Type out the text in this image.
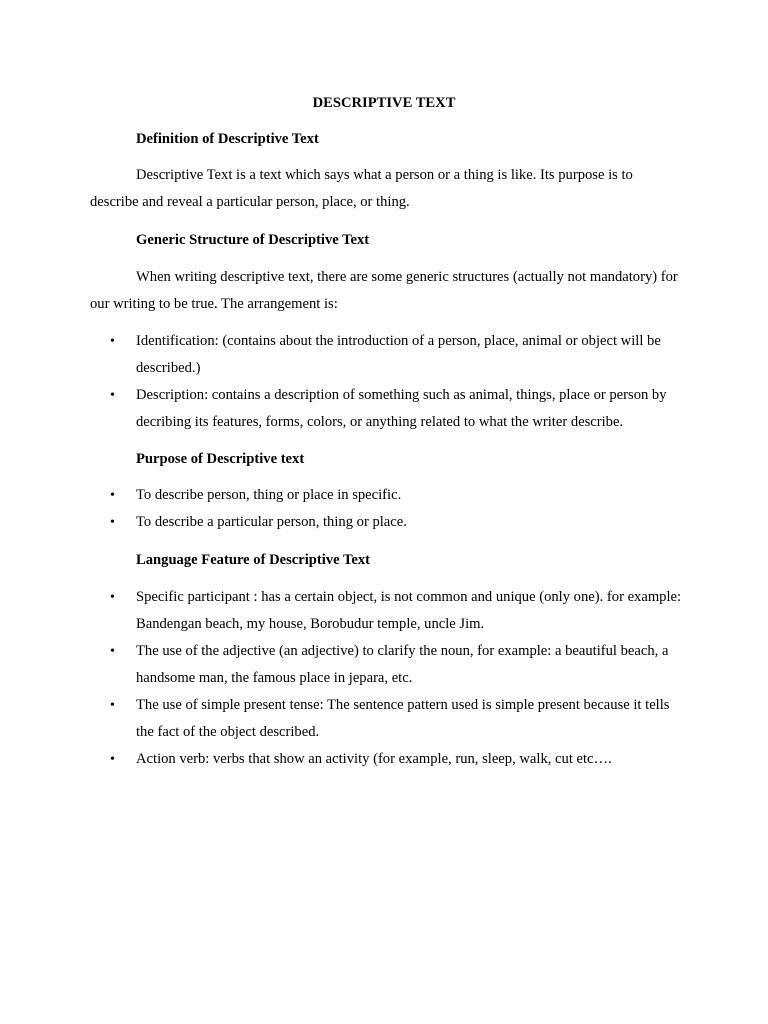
DESCRIPTIVE TEXT
Definition of Descriptive Text

Descriptive Text is a text which says what a person or a thing is like. Its purpose is to describe and reveal a particular person, place, or thing.

Generic Structure of Descriptive Text

When writing descriptive text, there are some generic structures (actually not mandatory) for our writing to be true. The arrangement is:

• Identification: (contains about the introduction of a person, place, animal or object will be described.)
• Description: contains a description of something such as animal, things, place or person by decribing its features, forms, colors, or anything related to what the writer describe.
Purpose of Descriptive text
• To describe person, thing or place in specific.
• To describe a particular person, thing or place.
Language Feature of Descriptive Text
• Specific participant : has a certain object, is not common and unique (only one). for example: Bandengan beach, my house, Borobudur temple, uncle Jim.
• The use of the adjective (an adjective) to clarify the noun, for example: a beautiful beach, a handsome man, the famous place in jepara, etc.
• The use of simple present tense: The sentence pattern used is simple present because it tells the fact of the object described.
• Action verb: verbs that show an activity (for example, run, sleep, walk, cut etc….
